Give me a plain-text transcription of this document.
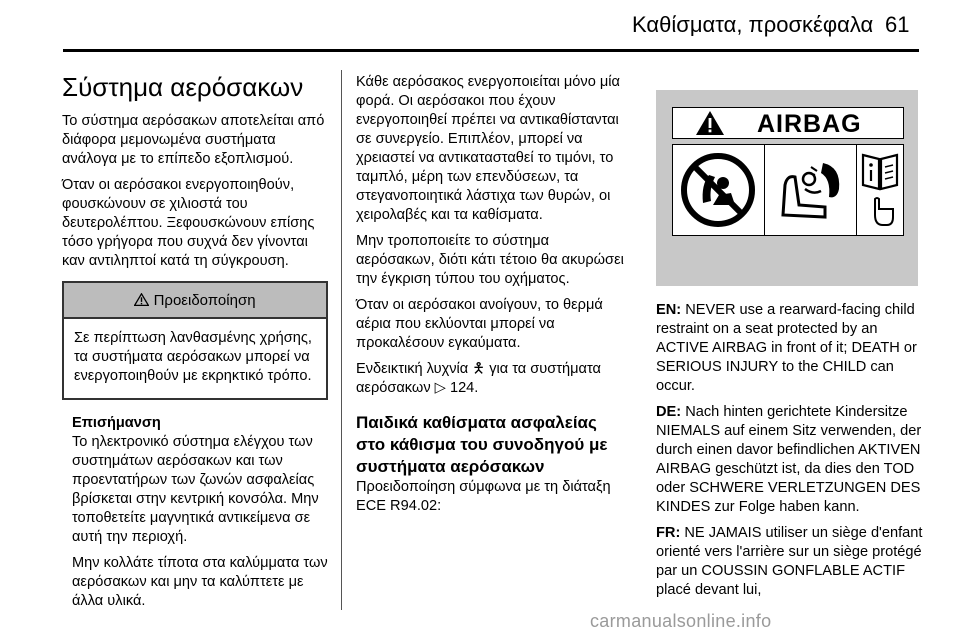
Καθίσματα, προσκέφαλα 61
Σύστημα αερόσακων

Το σύστημα αερόσακων αποτελείται από διάφορα μεμονωμένα συστήματα ανάλογα με το επίπεδο εξοπλισμού.

Όταν οι αερόσακοι ενεργοποιηθούν, φουσκώνουν σε χιλιοστά του δευτερολέπτου. Ξεφουσκώνουν επίσης τόσο γρήγορα που συχνά δεν γίνονται καν αντιληπτοί κατά τη σύγκρουση.

Προειδοποίηση
Σε περίπτωση λανθασμένης χρήσης, τα συστήματα αερόσακων μπορεί να ενεργοποιηθούν με εκρηκτικό τρόπο.

Επισήμανση

Το ηλεκτρονικό σύστημα ελέγχου των συστημάτων αερόσακων και των προεντατήρων των ζωνών ασφαλείας βρίσκεται στην κεντρική κονσόλα. Μην τοποθετείτε μαγνητικά αντικείμενα σε αυτή την περιοχή.

Μην κολλάτε τίποτα στα καλύμματα των αερόσακων και μην τα καλύπτετε με άλλα υλικά.

Κάθε αερόσακος ενεργοποιείται μόνο μία φορά. Οι αερόσακοι που έχουν ενεργοποιηθεί πρέπει να αντικαθίστανται σε συνεργείο. Επιπλέον, μπορεί να χρειαστεί να αντικατασταθεί το τιμόνι, το ταμπλό, μέρη των επενδύσεων, τα στεγανοποιητικά λάστιχα των θυρών, οι χειρολαβές και τα καθίσματα.

Μην τροποποιείτε το σύστημα αερόσακων, διότι κάτι τέτοιο θα ακυρώσει την έγκριση τύπου του οχήματος.

Όταν οι αερόσακοι ανοίγουν, το θερμά αέρια που εκλύονται μπορεί να προκαλέσουν εγκαύματα.

Ενδεικτική λυχνία 🯅 για τα συστήματα αερόσακων ▷ 124.

Παιδικά καθίσματα ασφαλείας στο κάθισμα του συνοδηγού με συστήματα αερόσακων

Προειδοποίηση σύμφωνα με τη διάταξη ECE R94.02:

AIRBAG

EN: NEVER use a rearward-facing child restraint on a seat protected by an ACTIVE AIRBAG in front of it; DEATH or SERIOUS INJURY to the CHILD can occur.

DE: Nach hinten gerichtete Kindersitze NIEMALS auf einem Sitz verwenden, der durch einen davor befindlichen AKTIVEN AIRBAG geschützt ist, da dies den TOD oder SCHWERE VERLETZUNGEN DES KINDES zur Folge haben kann.

FR: NE JAMAIS utiliser un siège d'enfant orienté vers l'arrière sur un siège protégé par un COUSSIN GONFLABLE ACTIF placé devant lui,

carmanualsonline.info
